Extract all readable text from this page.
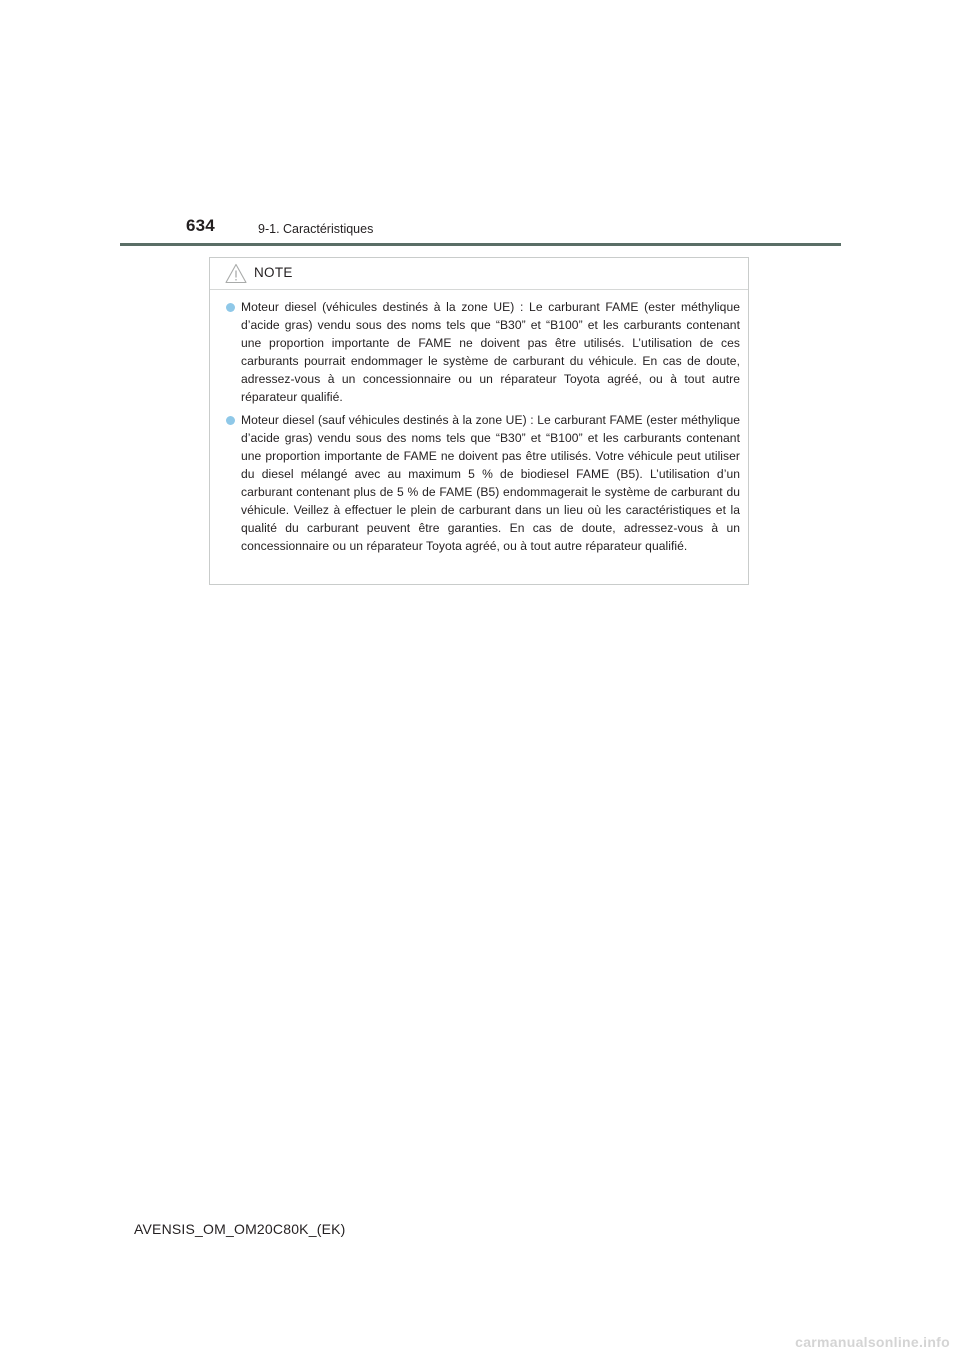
634	9-1. Caractéristiques
NOTE
Moteur diesel (véhicules destinés à la zone UE) : Le carburant FAME (ester méthylique d’acide gras) vendu sous des noms tels que “B30” et “B100” et les carburants contenant une proportion importante de FAME ne doivent pas être utilisés. L’utilisation de ces carburants pourrait endommager le système de carburant du véhicule. En cas de doute, adressez-vous à un concessionnaire ou un réparateur Toyota agréé, ou à tout autre réparateur qualifié.
Moteur diesel (sauf véhicules destinés à la zone UE) : Le carburant FAME (ester méthylique d’acide gras) vendu sous des noms tels que “B30” et “B100” et les carburants contenant une proportion importante de FAME ne doivent pas être utilisés. Votre véhicule peut utiliser du diesel mélangé avec au maximum 5 % de biodiesel FAME (B5). L’utilisation d’un carburant contenant plus de 5 % de FAME (B5) endommagerait le système de carburant du véhicule. Veillez à effectuer le plein de carburant dans un lieu où les caractéristiques et la qualité du carburant peuvent être garanties. En cas de doute, adressez-vous à un concessionnaire ou un réparateur Toyota agréé, ou à tout autre réparateur qualifié.
AVENSIS_OM_OM20C80K_(EK)
carmanualsonline.info
